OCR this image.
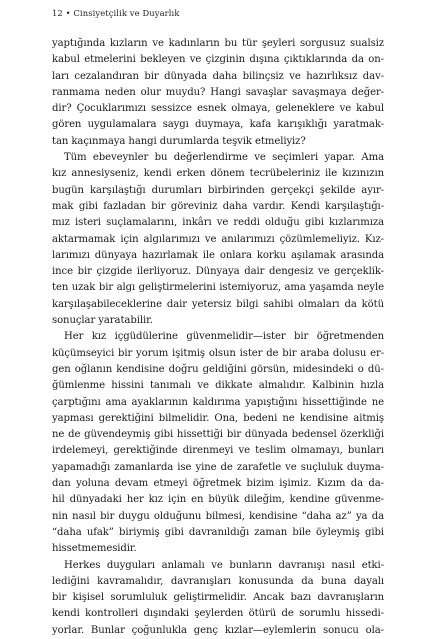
12 • Cinsiyetçilik ve Duyarlık
yaptığında kızların ve kadınların bu tür şeyleri sorgusuz sualsiz
kabul etmelerini bekleyen ve çizginin dışına çıktıklarında da on-
ları cezalandıran bir dünyada daha bilinçsiz ve hazırlıksız dav-
ranmama neden olur muydu? Hangi savaşlar savaşmaya değer-
dir? Çocuklarımızı sessizce esnek olmaya, geleneklere ve kabul
gören uygulamalara saygı duymaya, kafa karışıklığı yaratmak-
tan kaçınmaya hangi durumlarda teşvik etmeliyiz?
Tüm ebeveynler bu değerlendirme ve seçimleri yapar. Ama
kız annesiyseniz, kendi erken dönem tecrübeleriniz ile kızınızın
bugün karşılaştığı durumları birbirinden gerçekçi şekilde ayır-
mak gibi fazladan bir göreviniz daha vardır. Kendi karşılaştığı-
mız isteri suçlamalarını, inkârı ve reddi olduğu gibi kızlarımıza
aktarmamak için algılarımızı ve anılarımızı çözümlemeliyiz. Kız-
larımızı dünyaya hazırlamak ile onlara korku aşılamak arasında
ince bir çizgide ilerliyoruz. Dünyaya dair dengesiz ve gerçeklik-
ten uzak bir algı geliştirmelerini istemiyoruz, ama yaşamda neyle
karşılaşabileceklerine dair yetersiz bilgi sahibi olmaları da kötü
sonuçlar yaratabilir.
Her kız içgüdülerine güvenmelidir—ister bir öğretmenden
küçümseyici bir yorum işitmiş olsun ister de bir araba dolusu er-
gen oğlanın kendisine doğru geldiğini görsün, midesindeki o dü-
ğümlenme hissini tanımalı ve dikkate almalıdır. Kalbinin hızla
çarptığını ama ayaklarının kaldırıma yapıştığını hissettiğinde ne
yapması gerektiğini bilmelidir. Ona, bedeni ne kendisine aitmiş
ne de güvendeymiş gibi hissettiği bir dünyada bedensel özerkliği
irdelemeyi, gerektiğinde direnmeyi ve teslim olmamayı, bunları
yapamadığı zamanlarda ise yine de zarafetle ve suçluluk duyma-
dan yoluna devam etmeyi öğretmek bizim işimiz. Kızım da da-
hil dünyadaki her kız için en büyük dileğim, kendine güvenme-
nin nasıl bir duygu olduğunu bilmesi, kendisine “daha az” ya da
“daha ufak” biriymiş gibi davranıldığı zaman bile öyleymiş gibi
hissetmemesidir.
Herkes duyguları anlamalı ve bunların davranışı nasıl etki-
lediğini kavramalıdır, davranışları konusunda da buna dayalı
bir kişisel sorumluluk geliştirmelidir. Ancak bazı davranışların
kendi kontrolleri dışındaki şeylerden ötürü de sorumlu hissedi-
yorlar. Bunlar çoğunlukla genç kızlar—eylemlerin sonucu ola-
